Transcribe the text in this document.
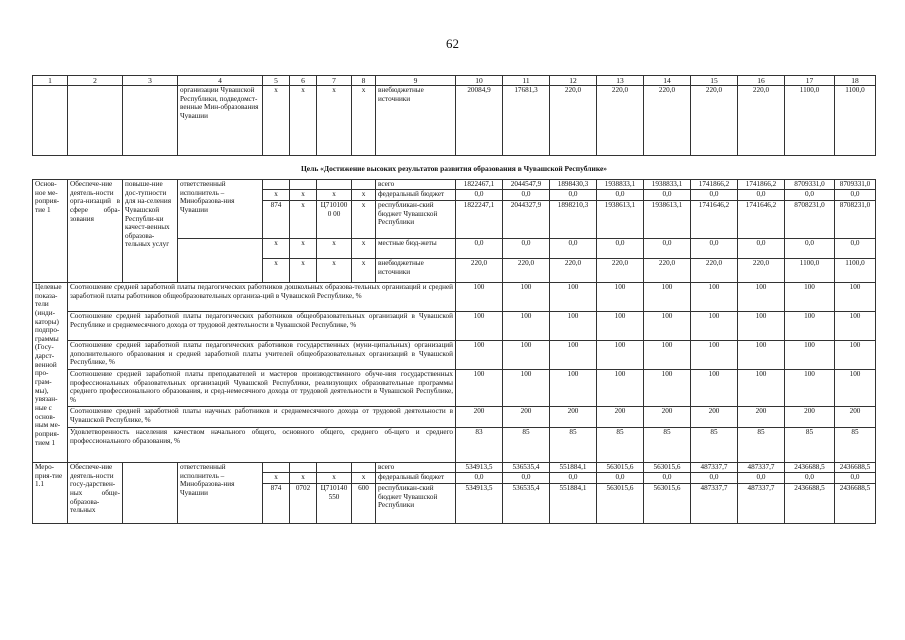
62
1	2	3	4	5	6	7	8	9	10	11	12	13	14	15	16	17	18
			организации Чувашской Республики, подведомст-венные Мин-образования Чувашии	x	x	x	x	внебюджетные источники	20084,9	17681,3	220,0	220,0	220,0	220,0	220,0	1100,0	1100,0
Цель «Достижение высоких результатов развития образования в Чувашской Республике»																	
Основ-ное ме-роприя-тие 1	Обеспече-ние деятель-ности орга-низаций в сфере обра-зования	повыше-ние дос-тупности для на-селения Чувашской Республи-ки качест-венных образова-тельных услуг	ответственный исполнитель – Минобразова-ния Чувашии					всего	1822467,1	2044547,9	1898430,3	1938833,1	1938833,1	1741866,2	1741866,2	8709331,0	8709331,0
				x	x	x	x	федеральный бюджет	0,0	0,0	0,0	0,0	0,0	0,0	0,0	0,0	0,0
				874	x	Ц7101000 00	x	республикан-ский бюджет Чувашской Республики	1822247,1	2044327,9	1898210,3	1938613,1	1938613,1	1741646,2	1741646,2	8708231,0	8708231,0
				x	x	x	x	местные бюд-жеты	0,0	0,0	0,0	0,0	0,0	0,0	0,0	0,0	0,0
				x	x	x	x	внебюджетные источники	220,0	220,0	220,0	220,0	220,0	220,0	220,0	1100,0	1100,0
Целевые показа-тели (инди-каторы) подпро-граммы (Госу-дарст-венной про-грам-мы), увязан-ные с основ-ным ме-роприя-тием 1	Соотношение средней заработной платы педагогических работников дошкольных образова-тельных организаций и средней заработной платы работников общеобразовательных организа-ций в Чувашской Республике, %								100	100	100	100	100	100	100	100	100
	Соотношение средней заработной платы педагогических работников общеобразовательных организаций в Чувашской Республике и среднемесячного дохода от трудовой деятельности в Чувашской Республике, %								100	100	100	100	100	100	100	100	100
	Соотношение средней заработной платы педагогических работников государственных (муни-ципальных) организаций дополнительного образования и средней заработной платы учителей общеобразовательных организаций в Чувашской Республике, %								100	100	100	100	100	100	100	100	100
	Соотношение средней заработной платы преподавателей и мастеров производственного обуче-ния государственных профессиональных образовательных организаций Чувашской Республики, реализующих образовательные программы среднего профессионального образования, и сред-немесячного дохода от трудовой деятельности в Чувашской Республике, %								100	100	100	100	100	100	100	100	100
	Соотношение средней заработной платы научных работников и среднемесячного дохода от трудовой деятельности в Чувашской Республике, %								200	200	200	200	200	200	200	200	200
	Удовлетворенность населения качеством начального общего, основного общего, среднего об-щего и среднего профессионального образования, %								83	85	85	85	85	85	85	85	85
Меро-прия-тие 1.1	Обеспече-ние деятель-ности госу-дарствен-ных обще-образова-тельных		ответственный исполнитель – Минобразова-ния Чувашии					всего	534913,5	536535,4	551884,1	563015,6	563015,6	487337,7	487337,7	2436688,5	2436688,5
				x	x	x	x	федеральный бюджет	0,0	0,0	0,0	0,0	0,0	0,0	0,0	0,0	0,0
				874	0702	Ц710140 550	600	республикан-ский бюджет Чувашской Республики	534913,5	536535,4	551884,1	563015,6	563015,6	487337,7	487337,7	2436688,5	2436688,5
